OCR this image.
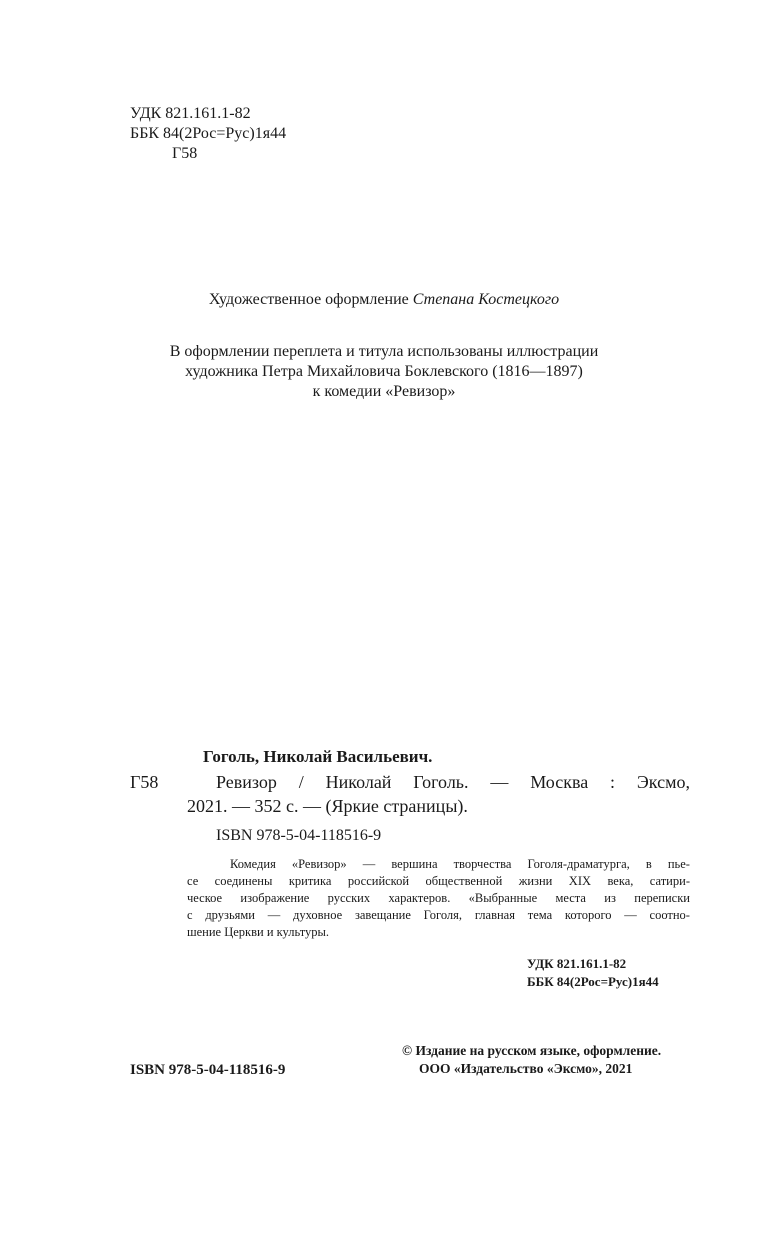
УДК 821.161.1-82
ББК 84(2Рос=Рус)1я44
Г58
Художественное оформление Степана Костецкого
В оформлении переплета и титула использованы иллюстрации
художника Петра Михайловича Боклевского (1816—1897)
к комедии «Ревизор»
Гоголь, Николай Васильевич.
Г58	Ревизор / Николай Гоголь. — Москва : Эксмо,
2021. — 352 с. — (Яркие страницы).
ISBN 978-5-04-118516-9
Комедия «Ревизор» — вершина творчества Гоголя-драматурга, в пье-
се соединены критика российской общественной жизни XIX века, сатири-
ческое изображение русских характеров. «Выбранные места из переписки
с друзьями — духовное завещание Гоголя, главная тема которого — соотно-
шение Церкви и культуры.
УДК 821.161.1-82
ББК 84(2Рос=Рус)1я44
ISBN 978-5-04-118516-9
© Издание на русском языке, оформление.
ООО «Издательство «Эксмо», 2021
